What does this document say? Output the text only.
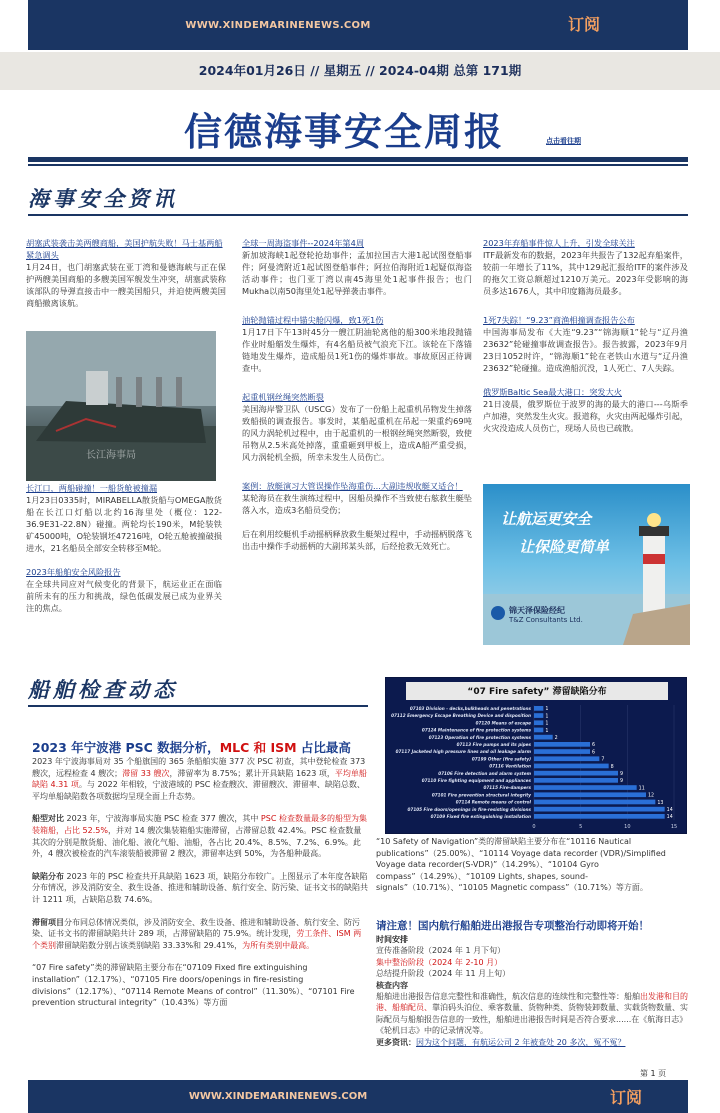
WWW.XINDEMARINENEWS.COM	订阅
2024年01月26日 // 星期五 // 2024-04期 总第 171期
信德海事安全周报	点击看往期
海事安全资讯
胡塞武装袭击美两艘商船，美国护航失败！马士基两船紧急调头

1月24日，也门胡塞武装在亚丁湾和曼德海峡与正在保护两艘美国商船的多艘美国军舰发生冲突，胡塞武装称该部队的导弹直接击中一艘美国船只，并迫使两艘美国商船撤离该航。

长江海事局
长江口，两船碰撞！一船货舱被撞漏

1月23日0335时，MIRABELLA散货船与OMEGA散货船在长江口灯船以北约16海里处（概位：122-36.9E31-22.8N）碰撞。两轮均长190米，M轮装铁矿45000吨，O轮装钢坯47216吨，O轮五舱被撞破损进水，21名船员全部安全转移至M轮。

2023年船舶安全风险报告

在全球共同应对气候变化的背景下，航运业正在面临前所未有的压力和挑战，绿色低碳发展已成为业界关注的焦点。

全球一周海盗事件--2024年第4周

新加坡海峡1起登轮抢劫事件；孟加拉国吉大港1起试图登船事件；阿曼湾附近1起试图登船事件；阿拉伯海附近1起疑似海盗活动事件；也门亚丁湾以南45海里处1起事件报告；也门Mukha以南50海里处1起导弹袭击事件。

油轮抛锚过程中锚尖舱闪爆，致1死1伤

1月17日下午13时45分一艘江阴油轮离他的船300米地段抛锚作业时船艏发生爆炸，有4名船员被气浪充下江。该轮在下落锚链地发生爆炸，造成船员1死1伤的爆炸事故。事故原因正待调查中。

起重机钢丝绳突然断裂

美国海岸警卫队（USCG）发布了一份船上起重机吊物发生掉落致船损的调查报告。事发时，某船起重机在吊起一架重约69吨的风力涡轮机过程中，由于起重机的一根钢丝绳突然断裂，致使吊物从2.5米高处掉落，重重砸到甲板上，造成A船严重受损，风力涡轮机全损，所幸未发生人员伤亡。

案例：放艇演习大管误操作坠海重伤...大副违规收艇又适合！

某轮海员在救生演练过程中，因船员操作不当致使右舷救生艇坠落入水，造成3名船员受伤；

后在利用绞艇机手动摇柄释放救生艇架过程中，手动摇柄脱落飞出击中操作手动摇柄的大副邦某头部，后经抢救无效死亡。

2023年弃船事件惊人上升，引发全球关注

ITF最新发布的数据，2023年共报告了132起弃船案件，较前一年增长了11%，其中129起汇报给ITF的案件涉及的拖欠工资总额超过1210万美元。2023年受影响的海员多达1676人，其中印度籍海员最多。

1死7失踪！“9.23”商渔相撞调查报告公布

中国海事局发布《大连“9.23”“锦海顺1”轮与“辽丹渔23632”轮碰撞事故调查报告》。报告披露，2023年9月23日1052时许，“锦海顺1”轮在老铁山水道与“辽丹渔23632”轮碰撞。造成渔船沉没，1人死亡、7人失踪。

俄罗斯Baltic Sea最大港口：突发大火

21日凌晨，俄罗斯位于波罗的海的最大的港口---乌斯季卢加港，突然发生火灾。报道称，火灾由两起爆炸引起，火灾没造成人员伤亡，现场人员也已疏散。

让航运更安全
让保险更简单
锦天泽保险经纪
T&Z Consultants Ltd.
船舶检查动态
2023 年宁波港 PSC 数据分析，MLC 和 ISM 占比最高

2023 年宁波海事局对 35 个船旗国的 365 条船舶实施 377 次 PSC 初查，其中登轮检查 373 艘次，远程检查 4 艘次；滞留 33 艘次，滞留率为 8.75%；累计开具缺陷 1623 项，平均单船缺陷 4.31 项。与 2022 年相较，宁波港域的 PSC 检查艘次、滞留艘次、滞留率、缺陷总数、平均单船缺陷数各项数据均呈现全面上升态势。

船型对比 2023 年，宁波海事局实施 PSC 检查 377 艘次，其中 PSC 检查数量最多的船型为集装箱船，占比 52.5%，并对 14 艘次集装箱船实施滞留，占滞留总数 42.4%。PSC 检查数量其次的分别是散货船、油化船、液化气船、油船，各占比 20.4%、8.5%、7.2%、6.9%。此外，4 艘次被检查的汽车滚装船被滞留 2 艘次，滞留率达到 50%，为各船种最高。

缺陷分布 2023 年的 PSC 检查共开具缺陷 1623 项，缺陷分布较广。上图显示了本年度各缺陷分布情况，涉及消防安全、救生设备、推进和辅助设备、航行安全、防污染、证书文书的缺陷共计 1211 项，占缺陷总数 74.6%。

滞留项目分布同总体情况类似，涉及消防安全、救生设备、推进和辅助设备、航行安全、防污染、证书文书的滞留缺陷共计 289 项，占滞留缺陷的 75.9%。统计发现，劳工条件、ISM 两个类别滞留缺陷数分别占该类别缺陷 33.33%和 29.41%，为所有类别中最高。

“07 Fire safety”类的滞留缺陷主要分布在“07109 Fixed fire extinguishing installation”（12.17%）、“07105 Fire doors/openings in fire-resisting divisions”（12.17%）、“07114 Remote Means of control”（11.30%）、“07101 Fire prevention structural integrity”（10.43%）等方面

“07 Fire safety” 滞留缺陷分布
0	5	10	15
07103 Division - decks,bulkheads and penetrations	1
07112 Emergency Escape Breathing Device and disposition	1
07120 Means of escape	1
07124 Maintenance of fire protection systems	1
07123 Operation of fire protection systems	2
07113 Fire pumps and its pipes	6
07117 Jacketed high pressure lines and oil leakage alarm	6
07199 Other (fire safety)	7
07116 Ventilation	8
07106 Fire detection and alarm system	9
07110 Fire fighting equipment and appliances	9
07115 Fire-dampers	11
07101 Fire prevention structural integrity	12
07114 Remote means of control	13
07105 Fire doors/openings in fire-resisting divisions	14
07109 Fixed fire extinguishing installation	14

“10 Safety of Navigation”类的滞留缺陷主要分布在“10116 Nautical publications”（25.00%）、“10114 Voyage data recorder (VDR)/Simplified Voyage data recorder(S-VDR)”（14.29%）、“10104 Gyro compass”（14.29%）、“10109 Lights, shapes, sound-signals”（10.71%）、“10105 Magnetic compass”（10.71%）等方面。

请注意！国内航行船舶进出港报告专项整治行动即将开始！
时间安排
宣传准备阶段（2024 年 1 月下旬）
集中整治阶段（2024 年 2-10 月）
总结提升阶段（2024 年 11 月上旬）
核查内容

船舶进出港报告信息完整性和准确性，航次信息的连续性和完整性等：船舶出发港和目的港、船舶配员、靠泊码头泊位、乘客数量、货物种类、货物装卸数量、实载货物数量、实际配员与船舶报告信息的一致性，船舶进出港报告时间是否符合要求......在《航海日志》《轮机日志》中的记录情况等。

更多资讯：因为这个问题，有航运公司 2 年被查处 20 多次，冤不冤？
第 1 页
WWW.XINDEMARINENEWS.COM	订阅
